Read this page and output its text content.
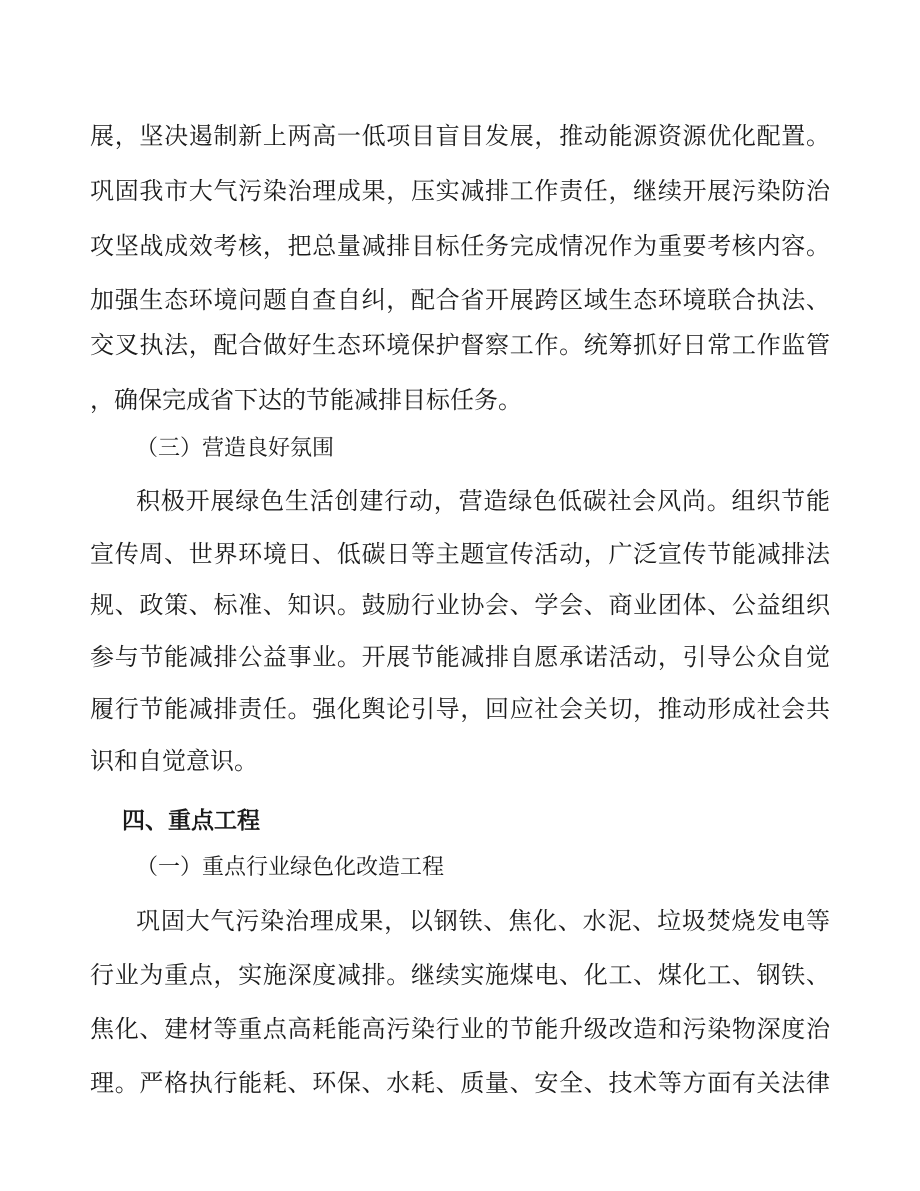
展，坚决遏制新上两高一低项目盲目发展，推动能源资源优化配置。
巩固我市大气污染治理成果，压实减排工作责任，继续开展污染防治
攻坚战成效考核，把总量减排目标任务完成情况作为重要考核内容。
加强生态环境问题自查自纠，配合省开展跨区域生态环境联合执法、
交叉执法，配合做好生态环境保护督察工作。统筹抓好日常工作监管
，确保完成省下达的节能减排目标任务。
（三）营造良好氛围
积极开展绿色生活创建行动，营造绿色低碳社会风尚。组织节能
宣传周、世界环境日、低碳日等主题宣传活动，广泛宣传节能减排法
规、政策、标准、知识。鼓励行业协会、学会、商业团体、公益组织
参与节能减排公益事业。开展节能减排自愿承诺活动，引导公众自觉
履行节能减排责任。强化舆论引导，回应社会关切，推动形成社会共
识和自觉意识。
四、重点工程
（一）重点行业绿色化改造工程
巩固大气污染治理成果，以钢铁、焦化、水泥、垃圾焚烧发电等
行业为重点，实施深度减排。继续实施煤电、化工、煤化工、钢铁、
焦化、建材等重点高耗能高污染行业的节能升级改造和污染物深度治
理。严格执行能耗、环保、水耗、质量、安全、技术等方面有关法律
